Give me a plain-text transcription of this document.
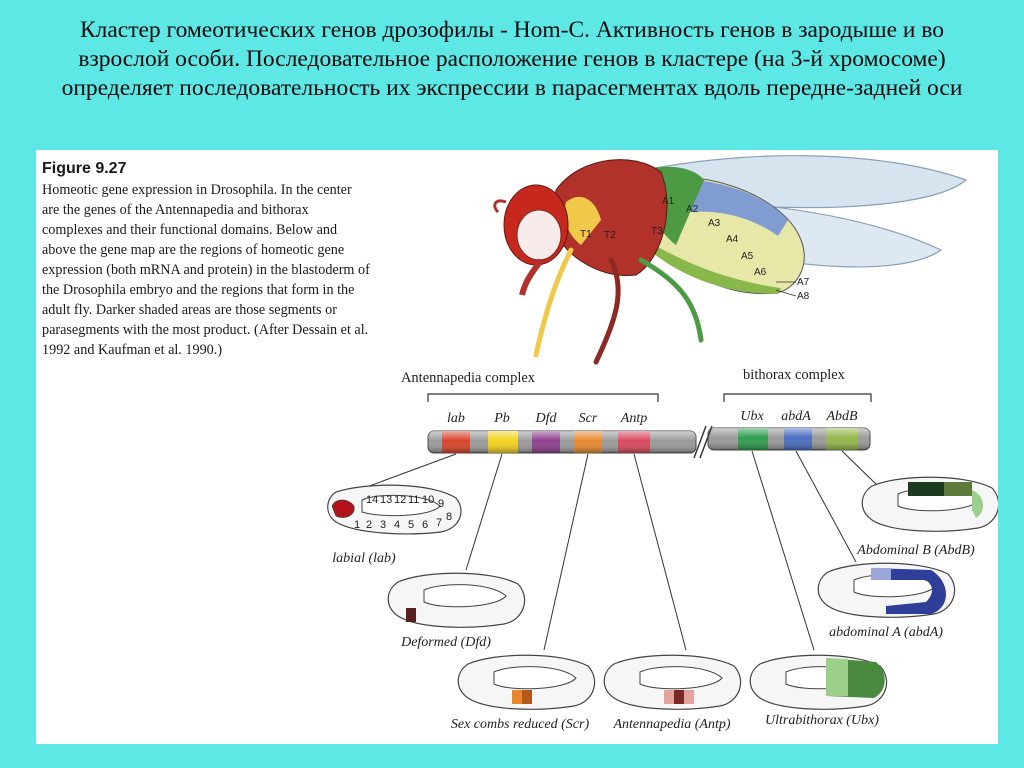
Кластер гомеотических генов дрозофилы - Hom-C. Активность генов в зародыше и во взрослой особи. Последовательное расположение генов в кластере (на 3-й хромосоме) определяет последовательность их экспрессии в парасегментах вдоль передне-задней оси
Figure 9.27
Homeotic gene expression in Drosophila. In the center are the genes of the Antennapedia and bithorax complexes and their functional domains. Below and above the gene map are the regions of homeotic gene expression (both mRNA and protein) in the blastoderm of the Drosophila embryo and the regions that form in the adult fly. Darker shaded areas are those segments or parasegments with the most product. (After Dessain et al. 1992 and Kaufman et al. 1990.)
T1 T2	T3
A1
A2
A3
A4
A5
A6
A7
A8
Antennapedia complex	bithorax complex
lab Pb Dfd Scr Antp	Ubx abdA AbdB
14 13 12 11 10 9
2 3 4 5 6 7
1
8
labial (lab)
Deformed (Dfd)
Sex combs reduced (Scr) Antennapedia (Antp) Ultrabithorax (Ubx)
abdominal A (abdA)
Abdominal B (AbdB)
